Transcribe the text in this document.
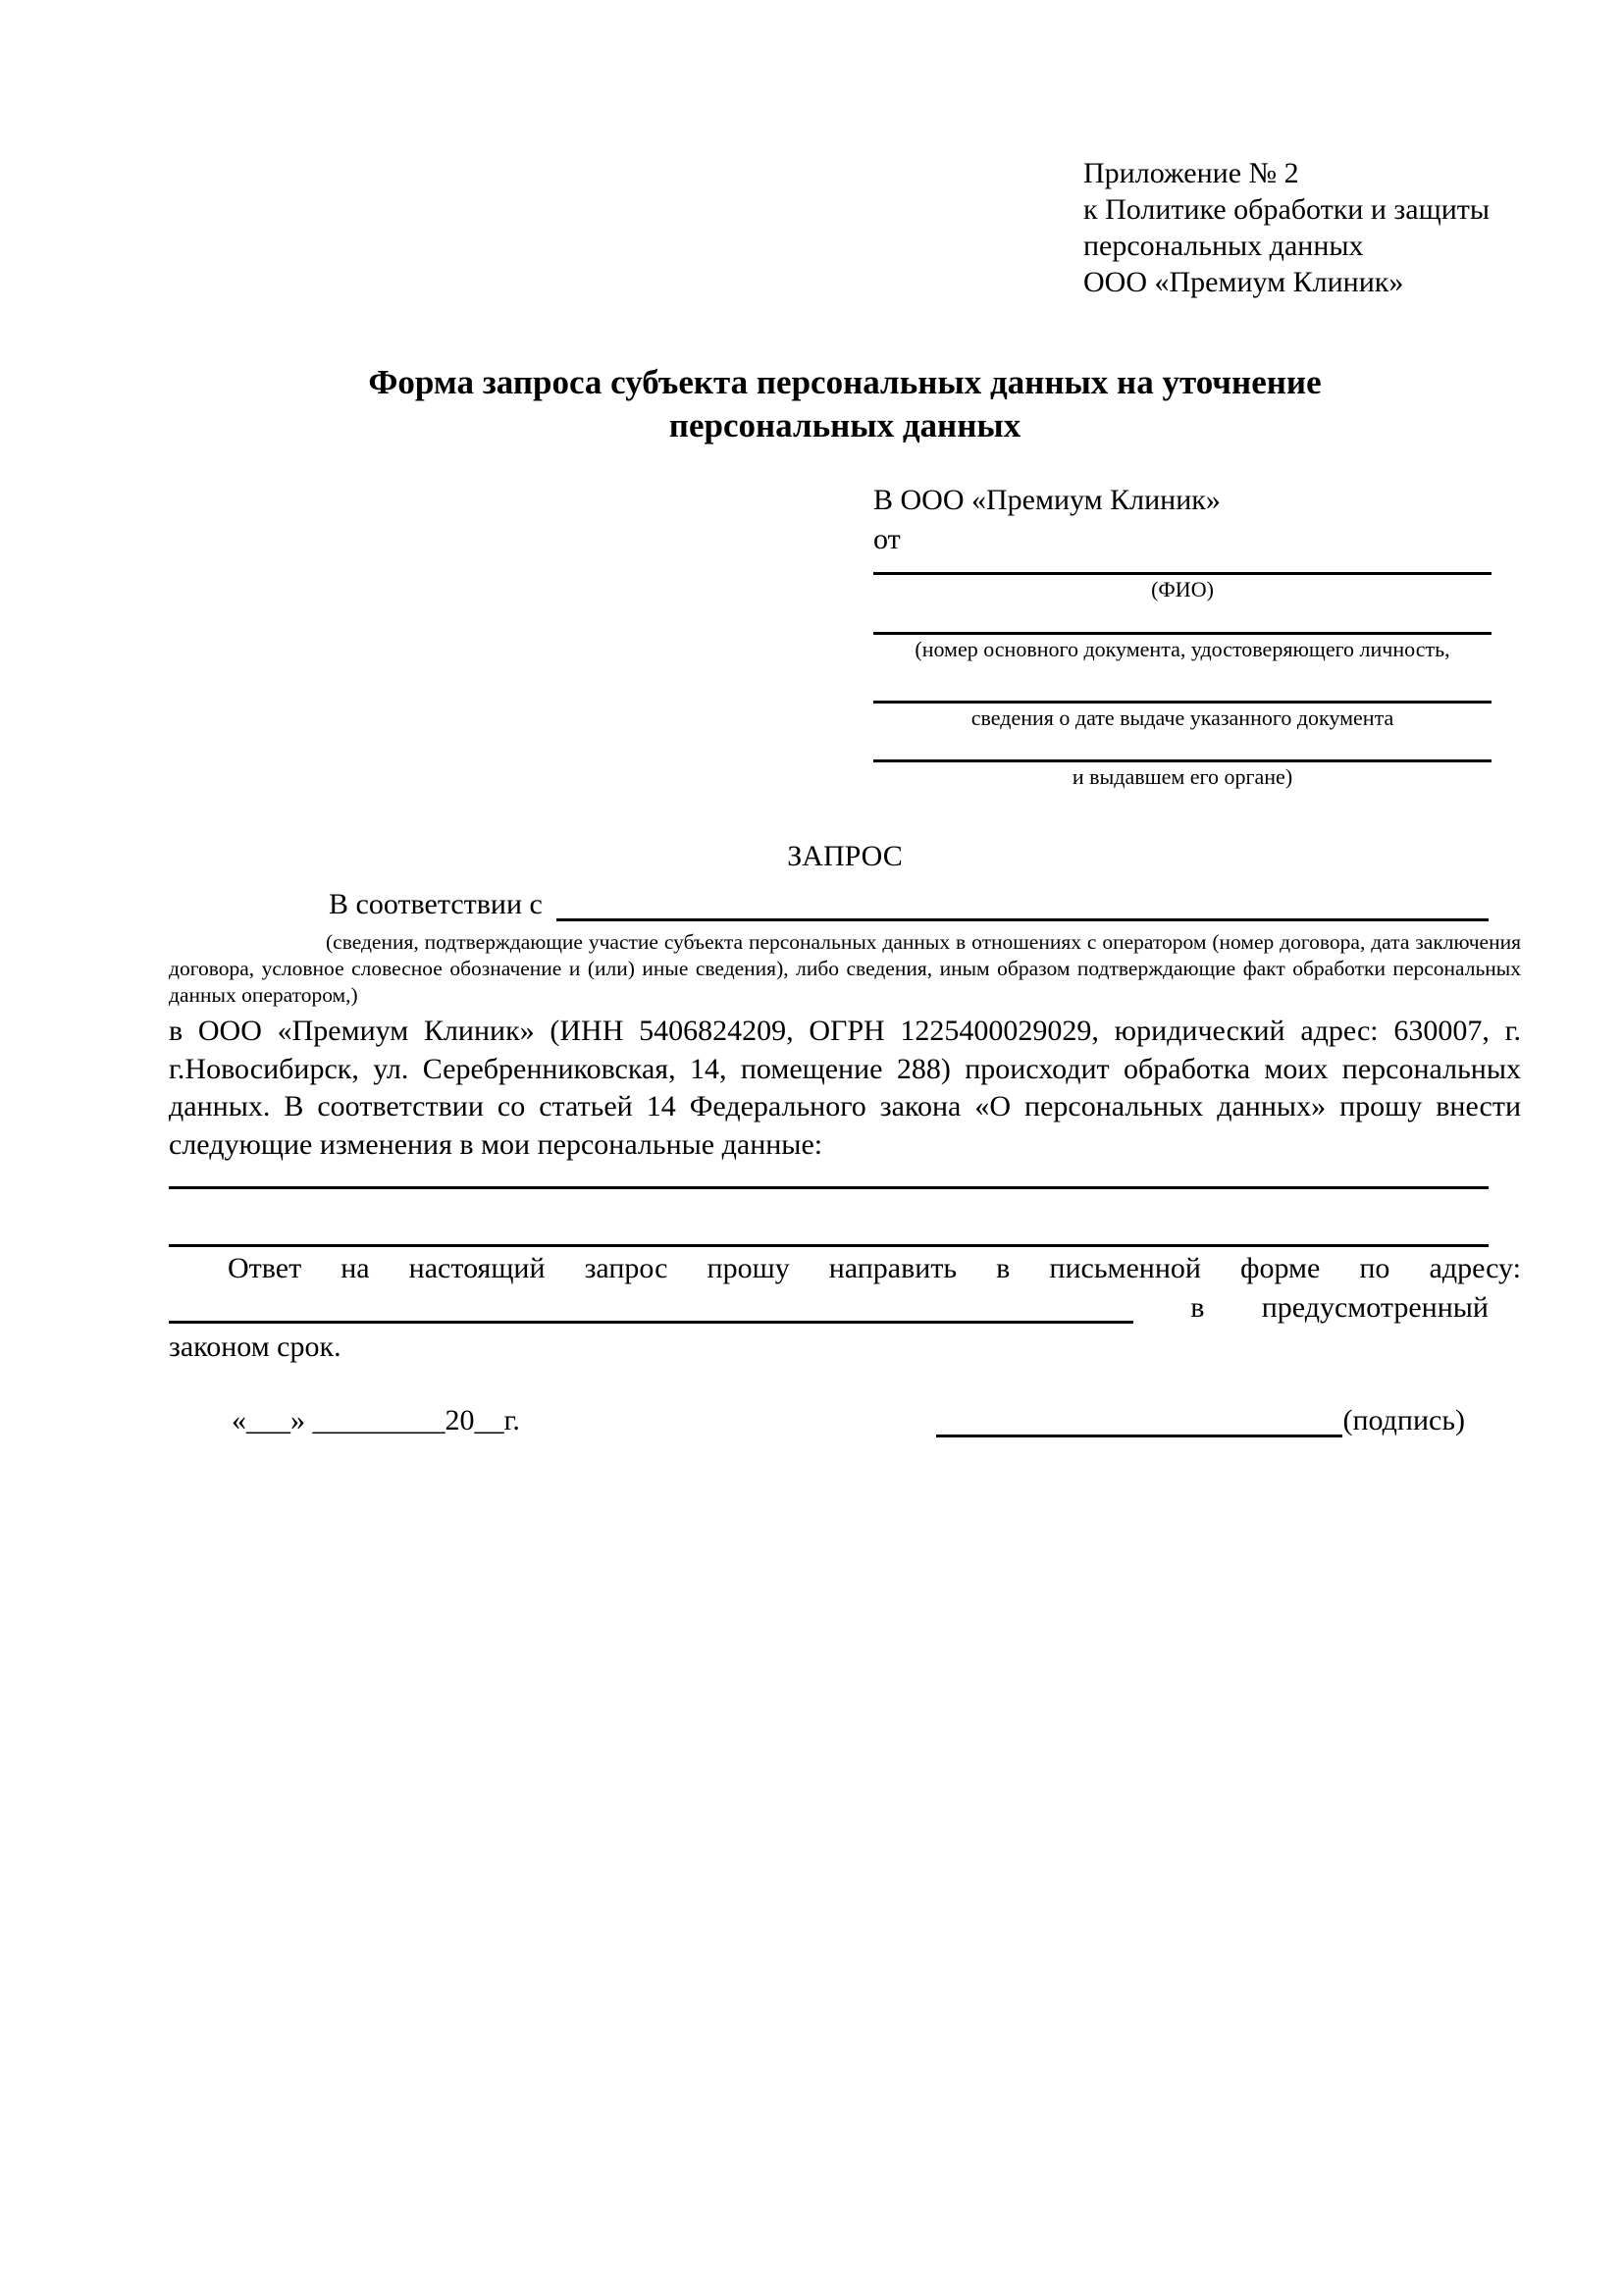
Приложение № 2
к Политике обработки и защиты
персональных данных
ООО «Премиум Клиник»
Форма запроса субъекта персональных данных на уточнение
персональных данных
В ООО «Премиум Клиник»
от
(ФИО)
(номер основного документа, удостоверяющего личность,
сведения о дате выдаче указанного документа
и выдавшем его органе)
ЗАПРОС
В соответствии с
(сведения, подтверждающие участие субъекта персональных данных в отношениях с оператором (номер договора, дата заключения договора, условное словесное обозначение и (или) иные сведения), либо сведения, иным образом подтверждающие факт обработки персональных данных оператором,)
в ООО «Премиум Клиник» (ИНН 5406824209, ОГРН 1225400029029, юридический адрес: 630007, г. г.Новосибирск, ул. Серебренниковская, 14, помещение 288) происходит обработка моих персональных данных. В соответствии со статьей 14 Федерального закона «О персональных данных» прошу внести следующие изменения в мои персональные данные:
Ответ на настоящий запрос прошу направить в письменной форме по адресу:
в предусмотренный
законом срок.
«___» _________20__г.	(подпись)
